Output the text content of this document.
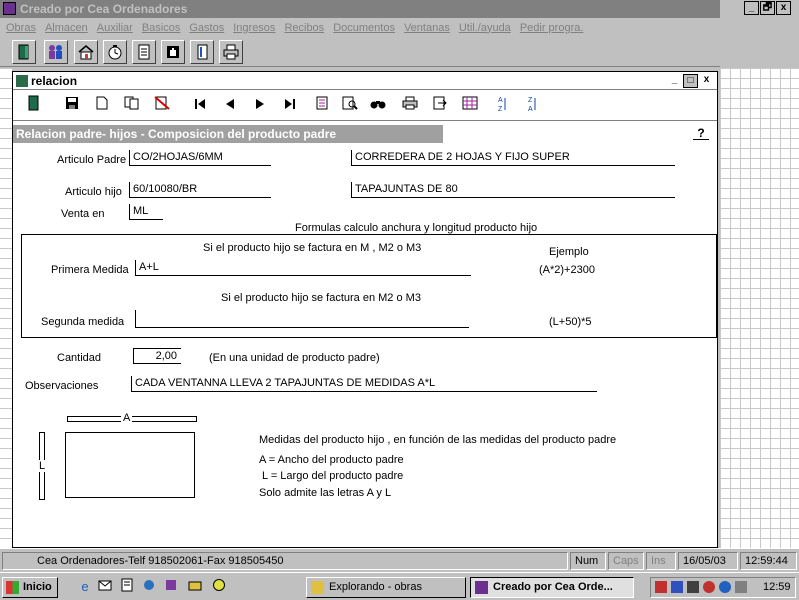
Creado por Cea Ordenadores	_ 🗗 x
Obras Almacen Auxiliar Basicos Gastos Ingresos Recibos Documentos Ventanas Util./ayuda Pedir progra.
relacion	_	□	x
A
Z
Z
A
Relacion padre- hijos - Composicion del producto padre	?
Articulo Padre CO/2HOJAS/6MM	CORREDERA DE 2 HOJAS Y FIJO SUPER
Articulo hijo	60/10080/BR	TAPAJUNTAS DE 80
Venta en	ML
Formulas calculo anchura y longitud producto hijo
Si el producto hijo se factura en M , M2 o M3	Ejemplo
Primera Medida A+L	(A*2)+2300
Si el producto hijo se factura en M2 o M3
Segunda medida	(L+50)*5
Cantidad	2,00	(En una unidad de producto padre)
Observaciones	CADA VENTANNA LLEVA 2 TAPAJUNTAS DE MEDIDAS A*L
A
L
Medidas del producto hijo , en función de las medidas del producto padre
A = Ancho del producto padre
L = Largo del producto padre
Solo admite las letras A y L
Cea Ordenadores-Telf 918502061-Fax 918505450	Num	Caps	Ins	16/05/03	12:59:44
Inicio	e	Explorando - obras	Creado por Cea Orde...	12:59
